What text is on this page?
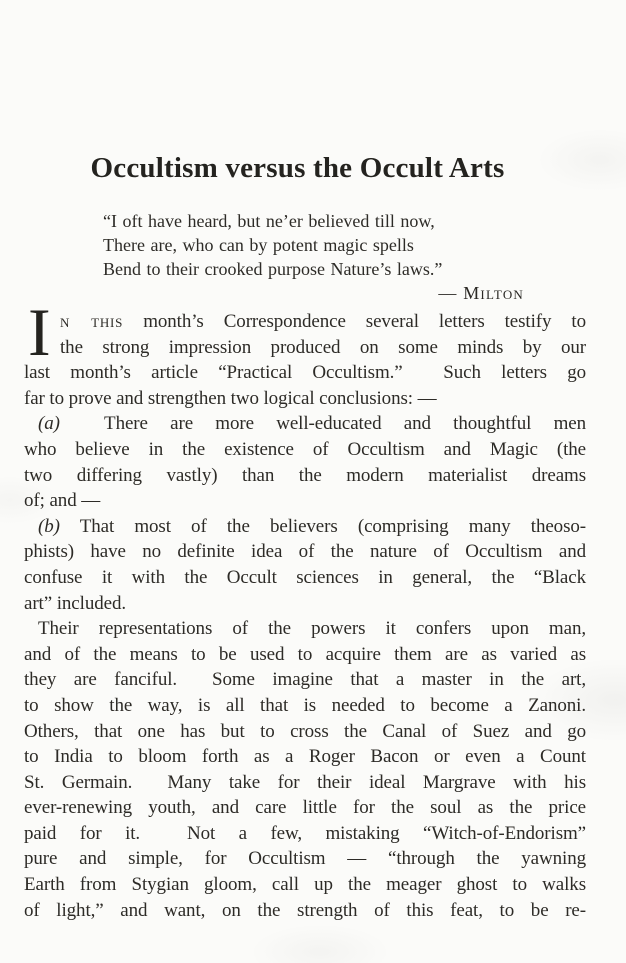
Occultism versus the Occult Arts
“I oft have heard, but ne’er believed till now,
There are, who can by potent magic spells
Bend to their crooked purpose Nature’s laws.”
— Milton
I n this month’s Correspondence several letters testify to
the strong impression produced on some minds by our
last month’s article “Practical Occultism.”  Such letters go
far to prove and strengthen two logical conclusions: —
(a)  There are more well-educated and thoughtful men
who believe in the existence of Occultism and Magic (the
two differing vastly) than the modern materialist dreams
of; and —
(b) That most of the believers (comprising many theoso-
phists) have no definite idea of the nature of Occultism and
confuse it with the Occult sciences in general, the “Black
art” included.
Their representations of the powers it confers upon man,
and of the means to be used to acquire them are as varied as
they are fanciful.  Some imagine that a master in the art,
to show the way, is all that is needed to become a Zanoni.
Others, that one has but to cross the Canal of Suez and go
to India to bloom forth as a Roger Bacon or even a Count
St. Germain.  Many take for their ideal Margrave with his
ever-renewing youth, and care little for the soul as the price
paid for it.  Not a few, mistaking “Witch-of-Endorism”
pure and simple, for Occultism — “through the yawning
Earth from Stygian gloom, call up the meager ghost to walks
of light,” and want, on the strength of this feat, to be re-
